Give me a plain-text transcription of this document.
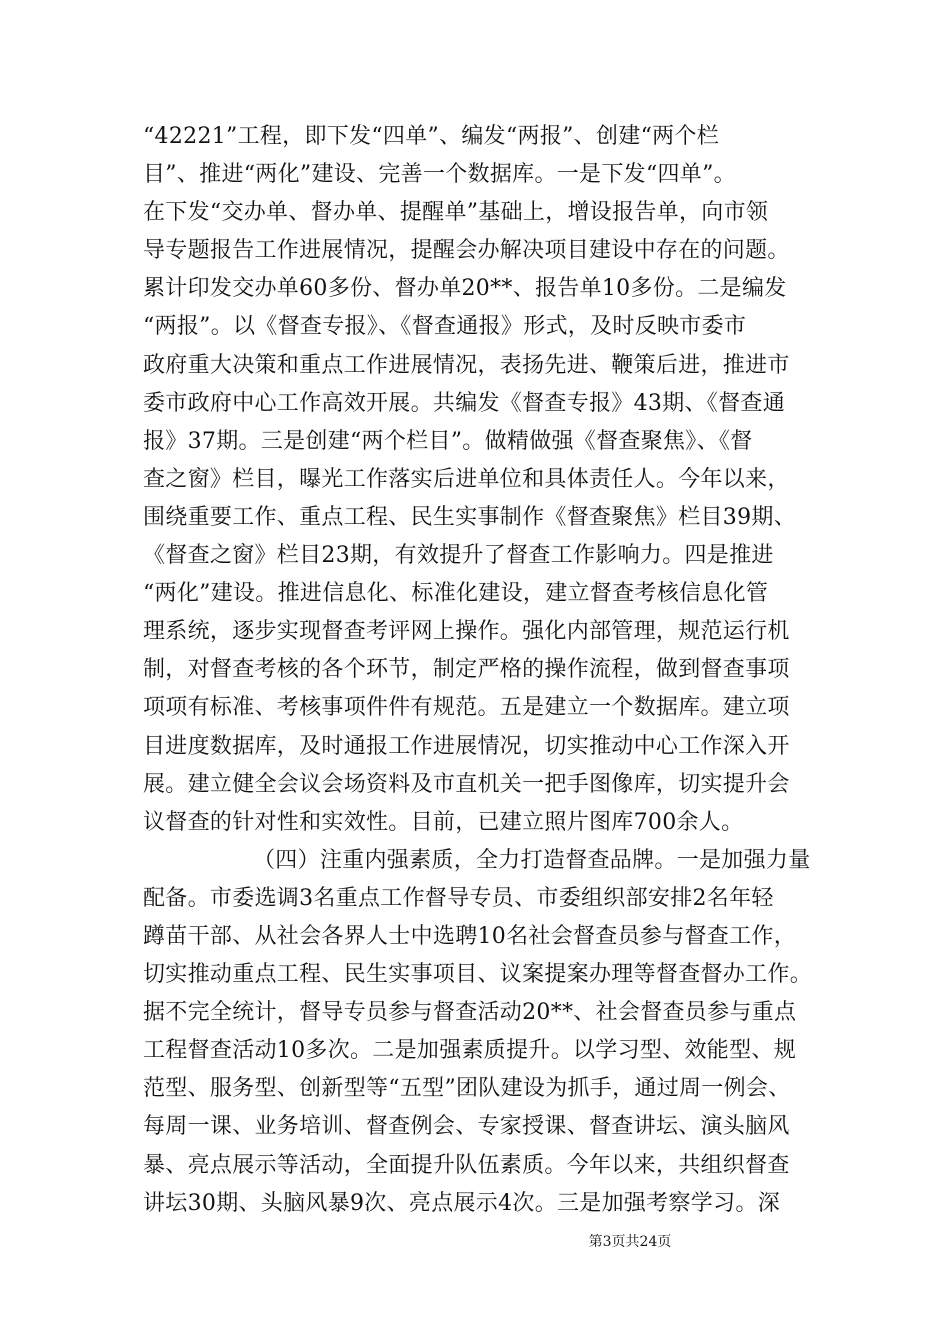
“42221”工程，即下发“四单”、编发“两报”、创建“两个栏
目”、推进“两化”建设、完善一个数据库。一是下发“四单”。
在下发“交办单、督办单、提醒单”基础上，增设报告单，向市领
导专题报告工作进展情况，提醒会办解决项目建设中存在的问题。
累计印发交办单60多份、督办单20**、报告单10多份。二是编发
“两报”。以《督查专报》、《督查通报》形式，及时反映市委市
政府重大决策和重点工作进展情况，表扬先进、鞭策后进，推进市
委市政府中心工作高效开展。共编发《督查专报》43期、《督查通
报》37期。三是创建“两个栏目”。做精做强《督查聚焦》、《督
查之窗》栏目，曝光工作落实后进单位和具体责任人。今年以来，
围绕重要工作、重点工程、民生实事制作《督查聚焦》栏目39期、
《督查之窗》栏目23期，有效提升了督查工作影响力。四是推进
“两化”建设。推进信息化、标准化建设，建立督查考核信息化管
理系统，逐步实现督查考评网上操作。强化内部管理，规范运行机
制，对督查考核的各个环节，制定严格的操作流程，做到督查事项
项项有标准、考核事项件件有规范。五是建立一个数据库。建立项
目进度数据库，及时通报工作进展情况，切实推动中心工作深入开
展。建立健全会议会场资料及市直机关一把手图像库，切实提升会
议督查的针对性和实效性。目前，已建立照片图库700余人。
（四）注重内强素质，全力打造督查品牌。一是加强力量
配备。市委选调3名重点工作督导专员、市委组织部安排2名年轻
蹲苗干部、从社会各界人士中选聘10名社会督查员参与督查工作，
切实推动重点工程、民生实事项目、议案提案办理等督查督办工作。
据不完全统计，督导专员参与督查活动20**、社会督查员参与重点
工程督查活动10多次。二是加强素质提升。以学习型、效能型、规
范型、服务型、创新型等“五型”团队建设为抓手，通过周一例会、
每周一课、业务培训、督查例会、专家授课、督查讲坛、演头脑风
暴、亮点展示等活动，全面提升队伍素质。今年以来，共组织督查
讲坛30期、头脑风暴9次、亮点展示4次。三是加强考察学习。深
第3页共24页
